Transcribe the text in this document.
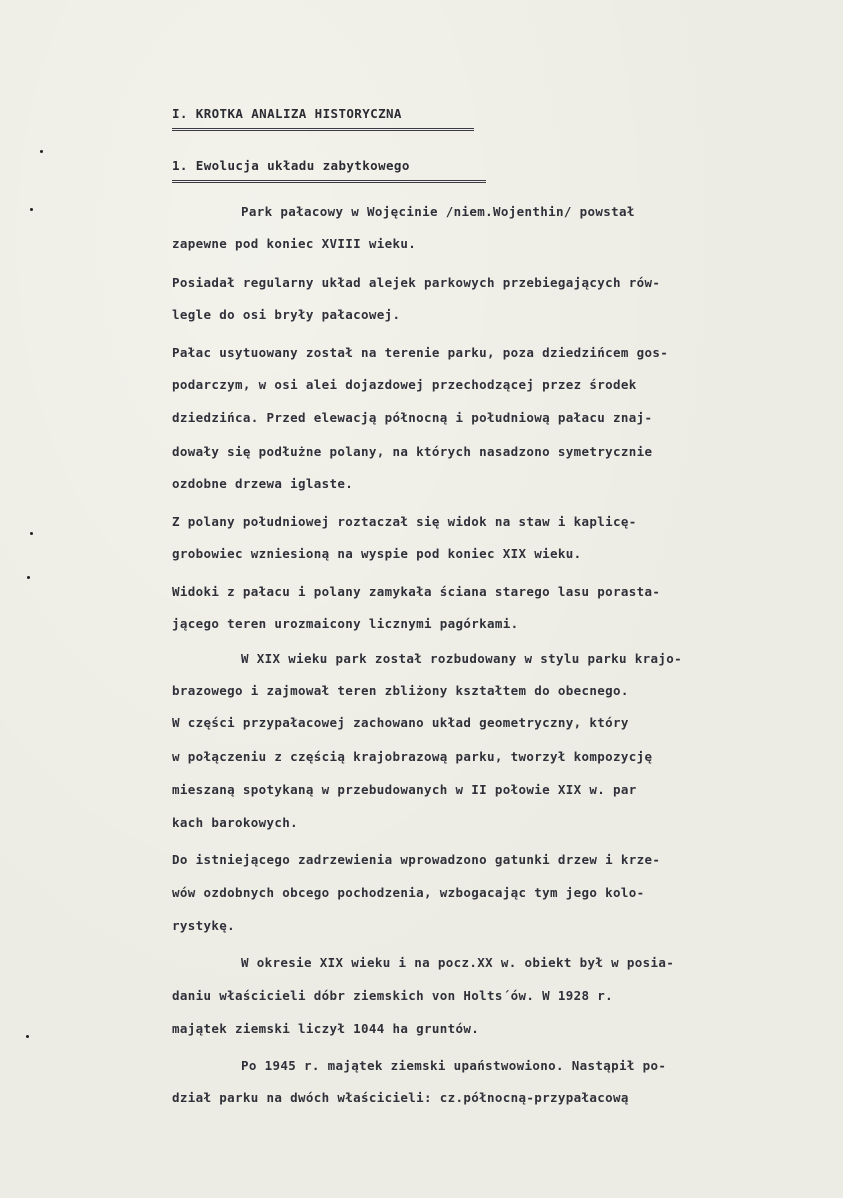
I. KROTKA ANALIZA HISTORYCZNA
1. Ewolucja układu zabytkowego
Park pałacowy w Wojęcinie /niem.Wojenthin/ powstał
zapewne pod koniec XVIII wieku.
Posiadał regularny układ alejek parkowych przebiegających rów-
legle do osi bryły pałacowej.
Pałac usytuowany został na terenie parku, poza dziedzińcem gos-
podarczym, w osi alei dojazdowej przechodzącej przez środek
dziedzińca. Przed elewacją północną i południową pałacu znaj-
dowały się podłużne polany, na których nasadzono symetrycznie
ozdobne drzewa iglaste.
Z polany południowej roztaczał się widok na staw i kaplicę-
grobowiec wzniesioną na wyspie pod koniec XIX wieku.
Widoki z pałacu i polany zamykała ściana starego lasu porasta-
jącego teren urozmaicony licznymi pagórkami.
W XIX wieku park został rozbudowany w stylu parku krajo-
brazowego i zajmował teren zbliżony kształtem do obecnego.
W części przypałacowej zachowano układ geometryczny, który
w połączeniu z częścią krajobrazową parku, tworzył kompozycję
mieszaną spotykaną w przebudowanych w II połowie XIX w. par
kach barokowych.
Do istniejącego zadrzewienia wprowadzono gatunki drzew i krze-
wów ozdobnych obcego pochodzenia, wzbogacając tym jego kolo-
rystykę.
W okresie XIX wieku i na pocz.XX w. obiekt był w posia-
daniu właścicieli dóbr ziemskich von Holts´ów. W 1928 r.
majątek ziemski liczył 1044 ha gruntów.
Po 1945 r. majątek ziemski upaństwowiono. Nastąpił po-
dział parku na dwóch właścicieli: cz.północną-przypałacową
